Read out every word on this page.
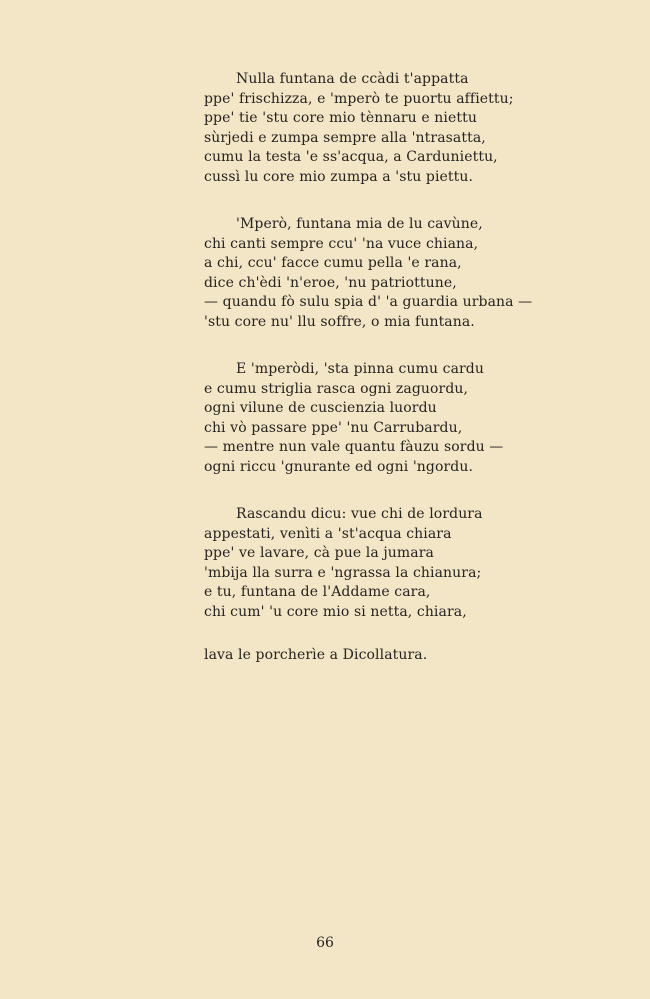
Nulla funtana de ccàdi t'appatta
ppe' frischizza, e 'mperò te puortu affiettu;
ppe' tie 'stu core mio tènnaru e niettu
sùrjedi e zumpa sempre alla 'ntrasatta,
cumu la testa 'e ss'acqua, a Carduniettu,
cussì lu core mio zumpa a 'stu piettu.
'Mperò, funtana mia de lu cavùne,
chi canti sempre ccu' 'na vuce chiana,
a chi, ccu' facce cumu pella 'e rana,
dice ch'èdi 'n'eroe, 'nu patriottune,
— quandu fò sulu spia d' 'a guardia urbana —
'stu core nu' llu soffre, o mia funtana.
E 'mperòdi, 'sta pinna cumu cardu
e cumu striglia rasca ogni zaguordu,
ogni vilune de cuscienzia luordu
chi vò passare ppe' 'nu Carrubardu,
— mentre nun vale quantu fàuzu sordu —
ogni riccu 'gnurante ed ogni 'ngordu.
Rascandu dicu: vue chi de lordura
appestati, venìti a 'st'acqua chiara
ppe' ve lavare, cà pue la jumara
'mbija lla surra e 'ngrassa la chianura;
e tu, funtana de l'Addame cara,
chi cum' 'u core mio si netta, chiara,
lava le porcherìe a Dicollatura.
66
